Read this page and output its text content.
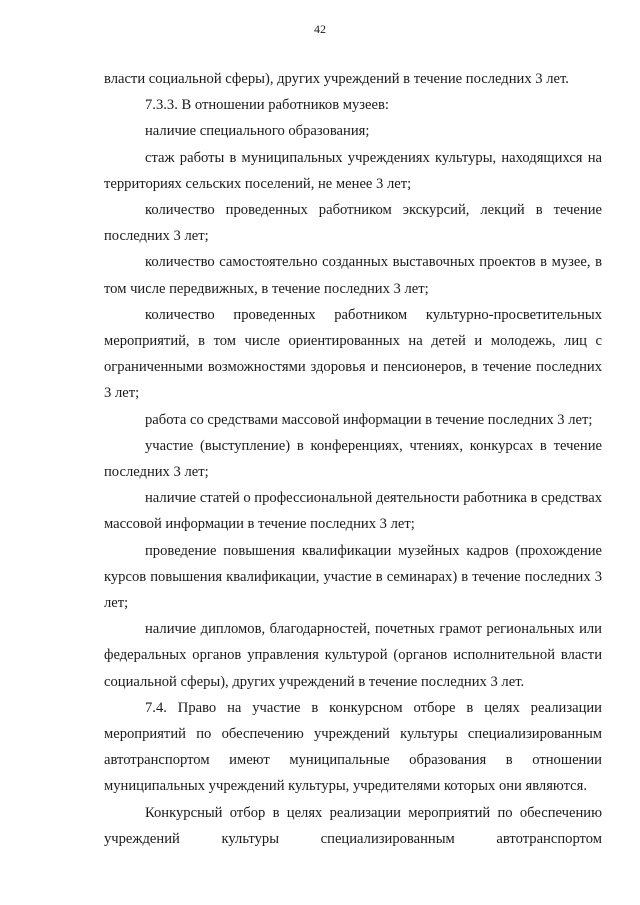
42

власти социальной сферы), других учреждений в течение последних 3 лет.

7.3.3. В отношении работников музеев:

наличие специального образования;

стаж работы в муниципальных учреждениях культуры, находящихся на территориях сельских поселений, не менее 3 лет;

количество проведенных работником экскурсий, лекций в течение последних 3 лет;

количество самостоятельно созданных выставочных проектов в музее, в том числе передвижных, в течение последних 3 лет;

количество проведенных работником культурно-просветительных мероприятий, в том числе ориентированных на детей и молодежь, лиц с ограниченными возможностями здоровья и пенсионеров, в течение последних 3 лет;

работа со средствами массовой информации в течение последних 3 лет;

участие (выступление) в конференциях, чтениях, конкурсах в течение последних 3 лет;

наличие статей о профессиональной деятельности работника в средствах массовой информации в течение последних 3 лет;

проведение повышения квалификации музейных кадров (прохождение курсов повышения квалификации, участие в семинарах) в течение последних 3 лет;

наличие дипломов, благодарностей, почетных грамот региональных или федеральных органов управления культурой (органов исполнительной власти социальной сферы), других учреждений в течение последних 3 лет.

7.4. Право на участие в конкурсном отборе в целях реализации мероприятий по обеспечению учреждений культуры специализированным автотранспортом имеют муниципальные образования в отношении муниципальных учреждений культуры, учредителями которых они являются.

Конкурсный отбор в целях реализации мероприятий по обеспечению учреждений культуры специализированным автотранспортом
